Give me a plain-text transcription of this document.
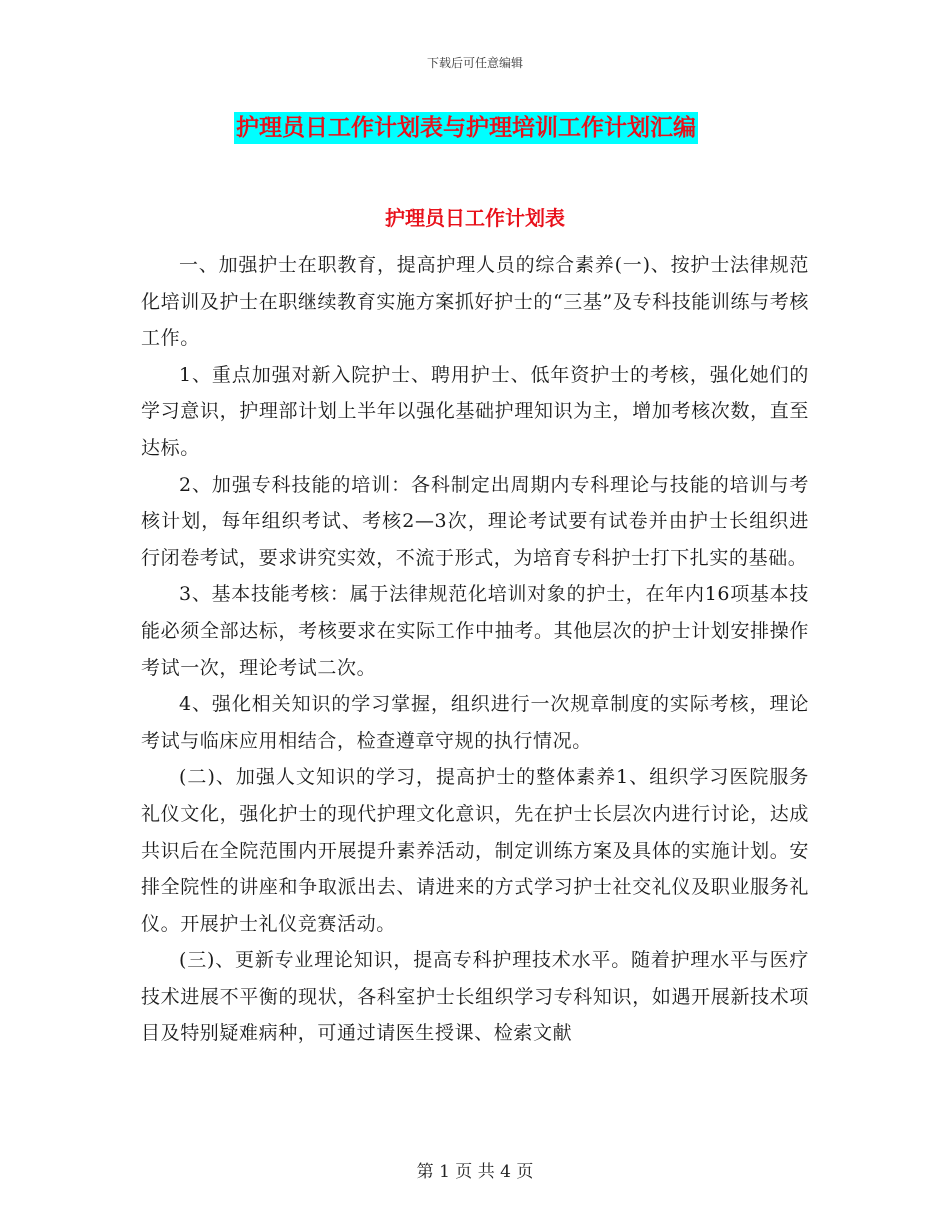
下载后可任意编辑
护理员日工作计划表与护理培训工作计划汇编
护理员日工作计划表

一、加强护士在职教育，提高护理人员的综合素养(一)、按护士法律规范化培训及护士在职继续教育实施方案抓好护士的“三基”及专科技能训练与考核工作。

1、重点加强对新入院护士、聘用护士、低年资护士的考核，强化她们的学习意识，护理部计划上半年以强化基础护理知识为主，增加考核次数，直至达标。

2、加强专科技能的培训：各科制定出周期内专科理论与技能的培训与考核计划，每年组织考试、考核2—3次，理论考试要有试卷并由护士长组织进行闭卷考试，要求讲究实效，不流于形式，为培育专科护士打下扎实的基础。

3、基本技能考核：属于法律规范化培训对象的护士，在年内16项基本技能必须全部达标，考核要求在实际工作中抽考。其他层次的护士计划安排操作考试一次，理论考试二次。

4、强化相关知识的学习掌握，组织进行一次规章制度的实际考核，理论考试与临床应用相结合，检查遵章守规的执行情况。

(二)、加强人文知识的学习，提高护士的整体素养1、组织学习医院服务礼仪文化，强化护士的现代护理文化意识，先在护士长层次内进行讨论，达成共识后在全院范围内开展提升素养活动，制定训练方案及具体的实施计划。安排全院性的讲座和争取派出去、请进来的方式学习护士社交礼仪及职业服务礼仪。开展护士礼仪竞赛活动。

(三)、更新专业理论知识，提高专科护理技术水平。随着护理水平与医疗技术进展不平衡的现状，各科室护士长组织学习专科知识，如遇开展新技术项目及特别疑难病种，可通过请医生授课、检索文献

第 1 页 共 4 页
